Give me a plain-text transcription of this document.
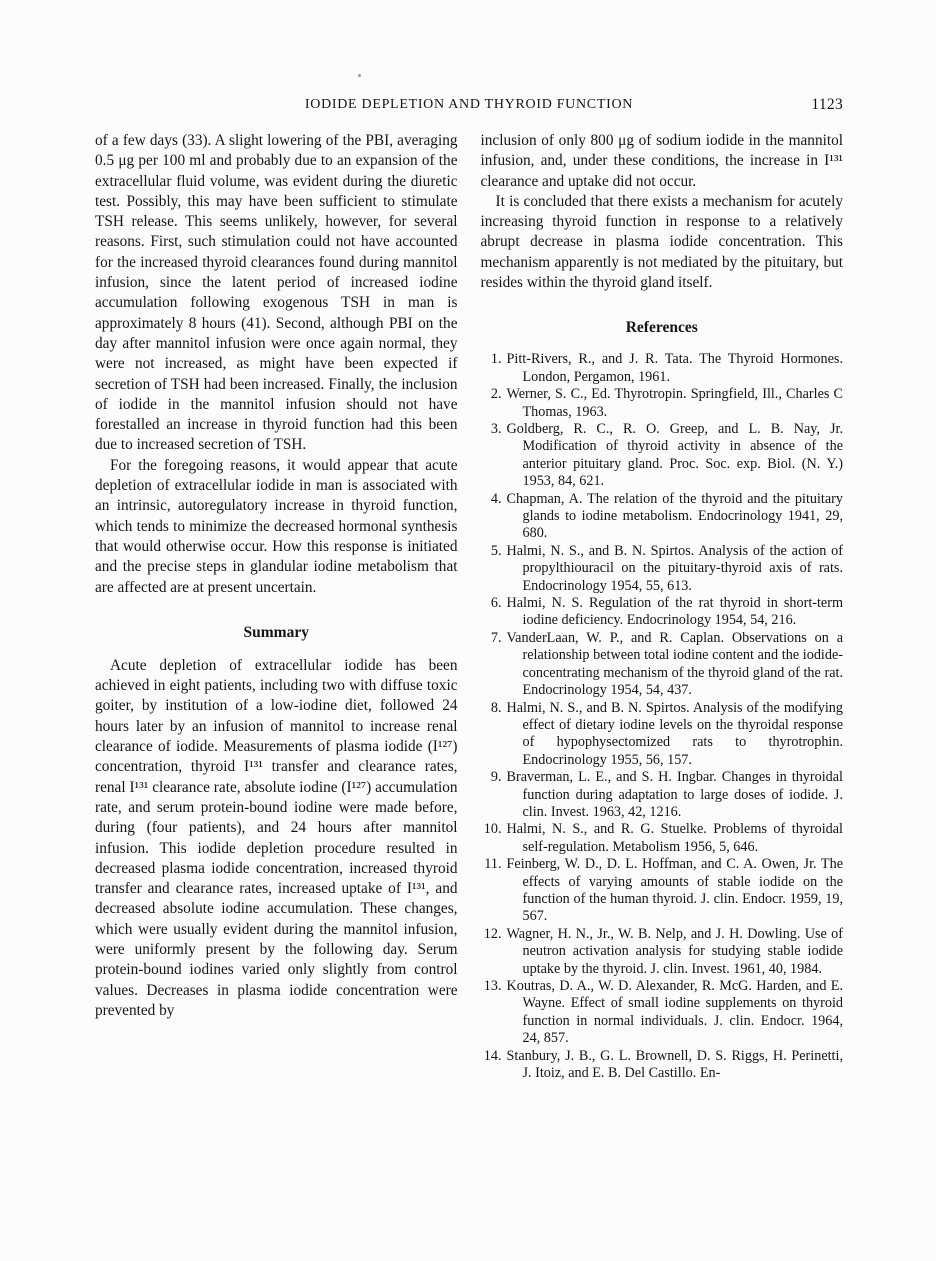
IODIDE DEPLETION AND THYROID FUNCTION	1123

of a few days (33). A slight lowering of the PBI, averaging 0.5 μg per 100 ml and probably due to an expansion of the extracellular fluid volume, was evident during the diuretic test. Possibly, this may have been sufficient to stimulate TSH release. This seems unlikely, however, for several reasons. First, such stimulation could not have accounted for the increased thyroid clearances found during mannitol infusion, since the latent period of increased iodine accumulation following exogenous TSH in man is approximately 8 hours (41). Second, although PBI on the day after mannitol infusion were once again normal, they were not increased, as might have been expected if secretion of TSH had been increased. Finally, the inclusion of iodide in the mannitol infusion should not have forestalled an increase in thyroid function had this been due to increased secretion of TSH.

For the foregoing reasons, it would appear that acute depletion of extracellular iodide in man is associated with an intrinsic, autoregulatory increase in thyroid function, which tends to minimize the decreased hormonal synthesis that would otherwise occur. How this response is initiated and the precise steps in glandular iodine metabolism that are affected are at present uncertain.

Summary

Acute depletion of extracellular iodide has been achieved in eight patients, including two with diffuse toxic goiter, by institution of a low-iodine diet, followed 24 hours later by an infusion of mannitol to increase renal clearance of iodide. Measurements of plasma iodide (I¹²⁷) concentration, thyroid I¹³¹ transfer and clearance rates, renal I¹³¹ clearance rate, absolute iodine (I¹²⁷) accumulation rate, and serum protein-bound iodine were made before, during (four patients), and 24 hours after mannitol infusion. This iodide depletion procedure resulted in decreased plasma iodide concentration, increased thyroid transfer and clearance rates, increased uptake of I¹³¹, and decreased absolute iodine accumulation. These changes, which were usually evident during the mannitol infusion, were uniformly present by the following day. Serum protein-bound iodines varied only slightly from control values. Decreases in plasma iodide concentration were prevented by

inclusion of only 800 μg of sodium iodide in the mannitol infusion, and, under these conditions, the increase in I¹³¹ clearance and uptake did not occur.

It is concluded that there exists a mechanism for acutely increasing thyroid function in response to a relatively abrupt decrease in plasma iodide concentration. This mechanism apparently is not mediated by the pituitary, but resides within the thyroid gland itself.

References
1. Pitt-Rivers, R., and J. R. Tata. The Thyroid Hormones. London, Pergamon, 1961.
2. Werner, S. C., Ed. Thyrotropin. Springfield, Ill., Charles C Thomas, 1963.
3. Goldberg, R. C., R. O. Greep, and L. B. Nay, Jr. Modification of thyroid activity in absence of the anterior pituitary gland. Proc. Soc. exp. Biol. (N. Y.) 1953, 84, 621.
4. Chapman, A. The relation of the thyroid and the pituitary glands to iodine metabolism. Endocrinology 1941, 29, 680.
5. Halmi, N. S., and B. N. Spirtos. Analysis of the action of propylthiouracil on the pituitary-thyroid axis of rats. Endocrinology 1954, 55, 613.
6. Halmi, N. S. Regulation of the rat thyroid in short-term iodine deficiency. Endocrinology 1954, 54, 216.
7. VanderLaan, W. P., and R. Caplan. Observations on a relationship between total iodine content and the iodide-concentrating mechanism of the thyroid gland of the rat. Endocrinology 1954, 54, 437.
8. Halmi, N. S., and B. N. Spirtos. Analysis of the modifying effect of dietary iodine levels on the thyroidal response of hypophysectomized rats to thyrotrophin. Endocrinology 1955, 56, 157.
9. Braverman, L. E., and S. H. Ingbar. Changes in thyroidal function during adaptation to large doses of iodide. J. clin. Invest. 1963, 42, 1216.
10. Halmi, N. S., and R. G. Stuelke. Problems of thyroidal self-regulation. Metabolism 1956, 5, 646.
11. Feinberg, W. D., D. L. Hoffman, and C. A. Owen, Jr. The effects of varying amounts of stable iodide on the function of the human thyroid. J. clin. Endocr. 1959, 19, 567.
12. Wagner, H. N., Jr., W. B. Nelp, and J. H. Dowling. Use of neutron activation analysis for studying stable iodide uptake by the thyroid. J. clin. Invest. 1961, 40, 1984.
13. Koutras, D. A., W. D. Alexander, R. McG. Harden, and E. Wayne. Effect of small iodine supplements on thyroid function in normal individuals. J. clin. Endocr. 1964, 24, 857.
14. Stanbury, J. B., G. L. Brownell, D. S. Riggs, H. Perinetti, J. Itoiz, and E. B. Del Castillo. En-
